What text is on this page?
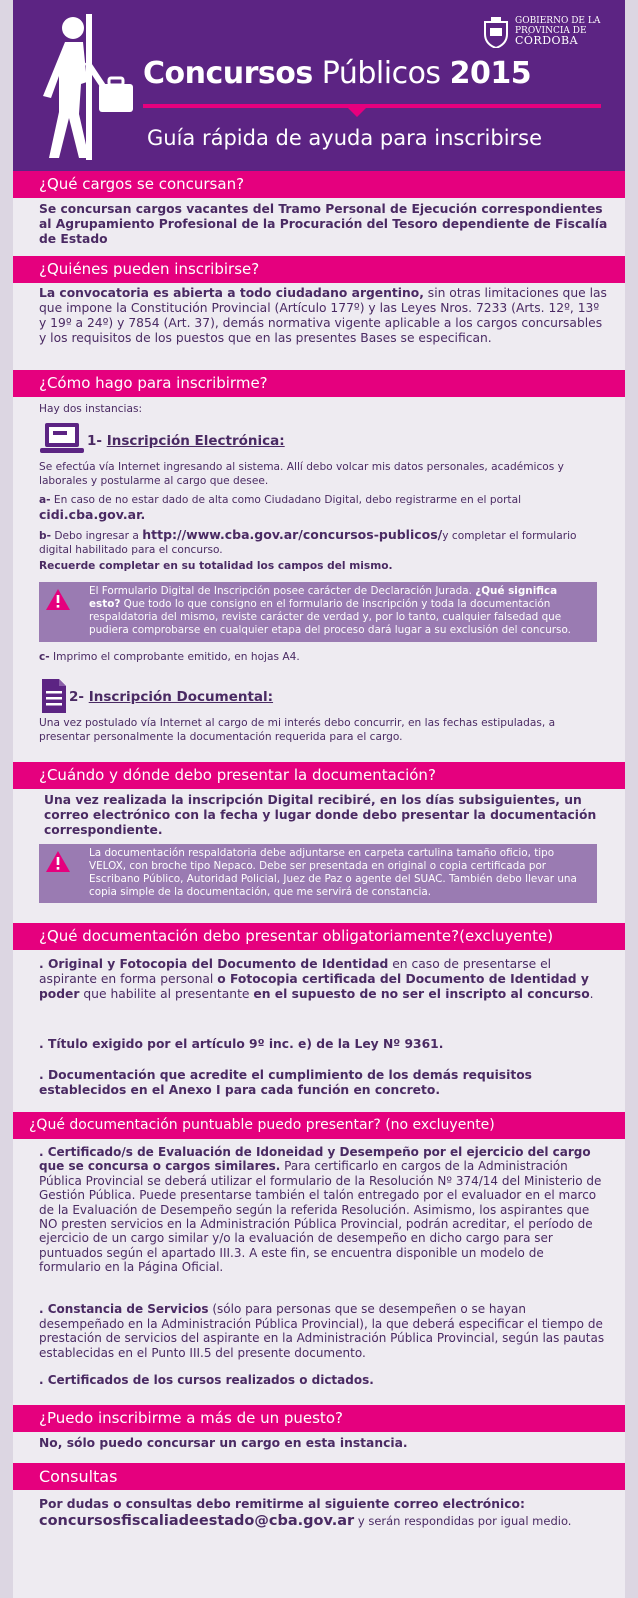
Concursos Públicos 2015
Guía rápida de ayuda para inscribirse
GOBIERNO DE LA
PROVINCIA DE
CÓRDOBA
¿Qué cargos se concursan?
Se concursan cargos vacantes del Tramo Personal de Ejecución correspondientes al Agrupamiento Profesional de la Procuración del Tesoro dependiente de Fiscalía de Estado
¿Quiénes pueden inscribirse?
La convocatoria es abierta a todo ciudadano argentino, sin otras limitaciones que las que impone la Constitución Provincial (Artículo 177º) y las Leyes Nros. 7233 (Arts. 12º, 13º y 19º a 24º) y 7854 (Art. 37), demás normativa vigente aplicable a los cargos concursables y los requisitos de los puestos que en las presentes Bases se especifican.
¿Cómo hago para inscribirme?
Hay dos instancias:
1- Inscripción Electrónica:
Se efectúa vía Internet ingresando al sistema. Allí debo volcar mis datos personales, académicos y laborales y postularme al cargo que desee.
a- En caso de no estar dado de alta como Ciudadano Digital, debo registrarme en el portal
cidi.cba.gov.ar.
b- Debo ingresar a http://www.cba.gov.ar/concursos-publicos/y completar el formulario digital habilitado para el concurso.
Recuerde completar en su totalidad los campos del mismo.
El Formulario Digital de Inscripción posee carácter de Declaración Jurada. ¿Qué significa esto? Que todo lo que consigno en el formulario de inscripción y toda la documentación respaldatoria del mismo, reviste carácter de verdad y, por lo tanto, cualquier falsedad que pudiera comprobarse en cualquier etapa del proceso dará lugar a su exclusión del concurso.
c- Imprimo el comprobante emitido, en hojas A4.
2- Inscripción Documental:
Una vez postulado vía Internet al cargo de mi interés debo concurrir, en las fechas estipuladas, a presentar personalmente la documentación requerida para el cargo.
¿Cuándo y dónde debo presentar la documentación?
Una vez realizada la inscripción Digital recibiré, en los días subsiguientes, un correo electrónico con la fecha y lugar donde debo presentar la documentación correspondiente.
La documentación respaldatoria debe adjuntarse en carpeta cartulina tamaño oficio, tipo VELOX, con broche tipo Nepaco. Debe ser presentada en original o copia certificada por Escribano Público, Autoridad Policial, Juez de Paz o agente del SUAC. También debo llevar una copia simple de la documentación, que me servirá de constancia.
¿Qué documentación debo presentar obligatoriamente?(excluyente)
. Original y Fotocopia del Documento de Identidad en caso de presentarse el aspirante en forma personal o Fotocopia certificada del Documento de Identidad y poder que habilite al presentante en el supuesto de no ser el inscripto al concurso.
. Título exigido por el artículo 9º inc. e) de la Ley Nº 9361.
. Documentación que acredite el cumplimiento de los demás requisitos establecidos en el Anexo I para cada función en concreto.
¿Qué documentación puntuable puedo presentar? (no excluyente)
. Certificado/s de Evaluación de Idoneidad y Desempeño por el ejercicio del cargo que se concursa o cargos similares. Para certificarlo en cargos de la Administración Pública Provincial se deberá utilizar el formulario de la Resolución Nº 374/14 del Ministerio de Gestión Pública. Puede presentarse también el talón entregado por el evaluador en el marco de la Evaluación de Desempeño según la referida Resolución. Asimismo, los aspirantes que NO presten servicios en la Administración Pública Provincial, podrán acreditar, el período de ejercicio de un cargo similar y/o la evaluación de desempeño en dicho cargo para ser puntuados según el apartado III.3. A este fin, se encuentra disponible un modelo de formulario en la Página Oficial.
. Constancia de Servicios (sólo para personas que se desempeñen o se hayan desempeñado en la Administración Pública Provincial), la que deberá especificar el tiempo de prestación de servicios del aspirante en la Administración Pública Provincial, según las pautas establecidas en el Punto III.5 del presente documento.
. Certificados de los cursos realizados o dictados.
¿Puedo inscribirme a más de un puesto?
No, sólo puedo concursar un cargo en esta instancia.
Consultas
Por dudas o consultas debo remitirme al siguiente correo electrónico:
concursosfiscaliadeestado@cba.gov.ar y serán respondidas por igual medio.
